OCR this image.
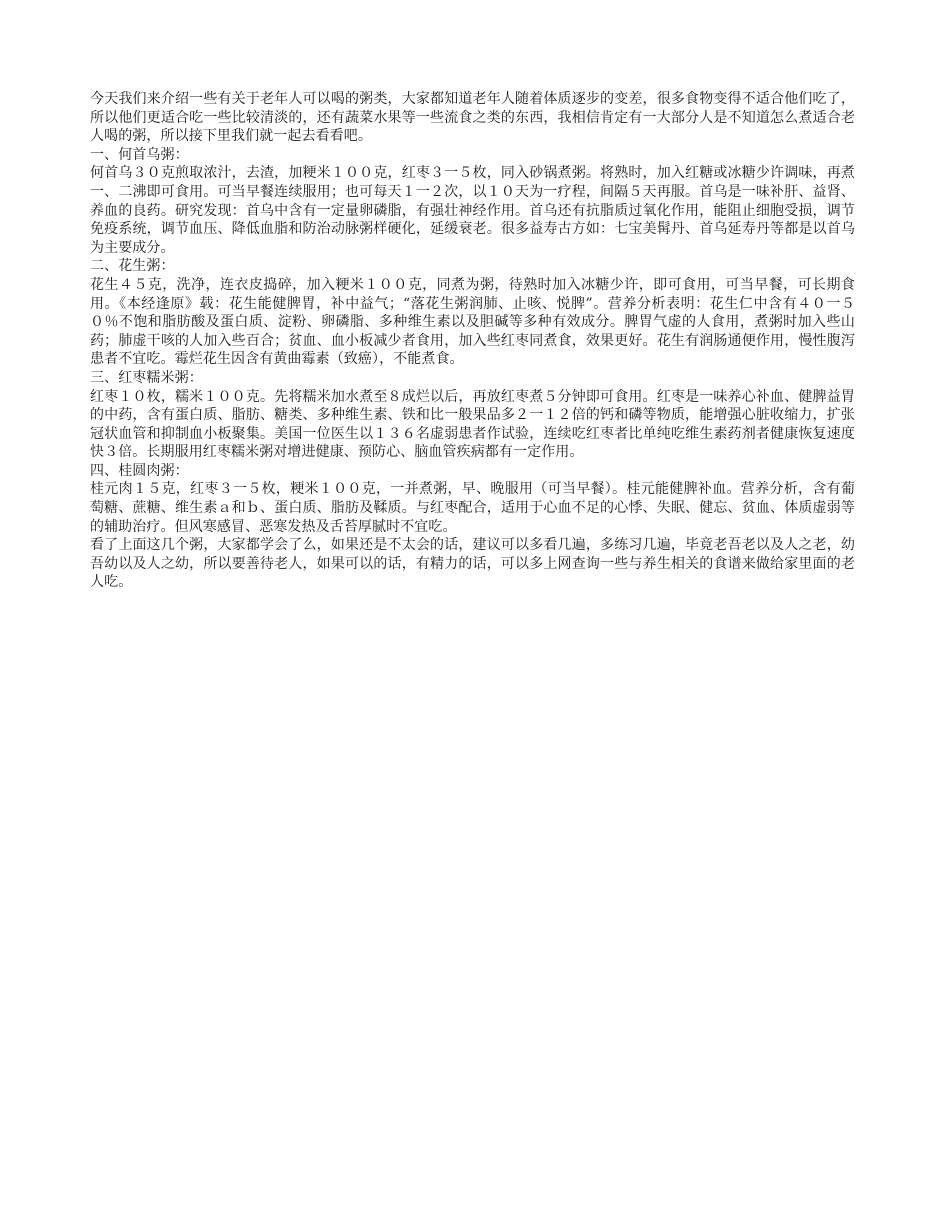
今天我们来介绍一些有关于老年人可以喝的粥类，大家都知道老年人随着体质逐步的变差，很多食物变得不适合他们吃了，所以他们更适合吃一些比较清淡的，还有蔬菜水果等一些流食之类的东西，我相信肯定有一大部分人是不知道怎么煮适合老人喝的粥，所以接下里我们就一起去看看吧。

一、何首乌粥：

何首乌３０克煎取浓汁，去渣，加粳米１００克，红枣３一５枚，同入砂锅煮粥。将熟时，加入红糖或冰糖少许调味，再煮一、二沸即可食用。可当早餐连续服用；也可每天１一２次，以１０天为一疗程，间隔５天再服。首乌是一味补肝、益肾、养血的良药。研究发现：首乌中含有一定量卵磷脂，有强壮神经作用。首乌还有抗脂质过氧化作用，能阻止细胞受损，调节免疫系统，调节血压、降低血脂和防治动脉粥样硬化，延缓衰老。很多益寿古方如：七宝美髯丹、首乌延寿丹等都是以首乌为主要成分。

二、花生粥：

花生４５克，洗净，连衣皮捣碎，加入粳米１００克，同煮为粥，待熟时加入冰糖少许，即可食用，可当早餐，可长期食用。《本经逢原》载：花生能健脾胃，补中益气；“落花生粥润肺、止咳、悦脾”。营养分析表明：花生仁中含有４０一５０％不饱和脂肪酸及蛋白质、淀粉、卵磷脂、多种维生素以及胆碱等多种有效成分。脾胃气虚的人食用，煮粥时加入些山药；肺虚干咳的人加入些百合；贫血、血小板减少者食用，加入些红枣同煮食，效果更好。花生有润肠通便作用，慢性腹泻患者不宜吃。霉烂花生因含有黄曲霉素（致癌），不能煮食。

三、红枣糯米粥：

红枣１０枚，糯米１００克。先将糯米加水煮至８成烂以后，再放红枣煮５分钟即可食用。红枣是一味养心补血、健脾益胃的中药，含有蛋白质、脂肪、糖类、多种维生素、铁和比一般果品多２一１２倍的钙和磷等物质，能增强心脏收缩力，扩张冠状血管和抑制血小板聚集。美国一位医生以１３６名虚弱患者作试验，连续吃红枣者比单纯吃维生素药剂者健康恢复速度快３倍。长期服用红枣糯米粥对增进健康、预防心、脑血管疾病都有一定作用。

四、桂圆肉粥：

桂元肉１５克，红枣３一５枚，粳米１００克，一并煮粥，早、晚服用（可当早餐）。桂元能健脾补血。营养分析，含有葡萄糖、蔗糖、维生素ａ和ｂ、蛋白质、脂肪及鞣质。与红枣配合，适用于心血不足的心悸、失眠、健忘、贫血、体质虚弱等的辅助治疗。但风寒感冒、恶寒发热及舌苔厚腻时不宜吃。

看了上面这几个粥，大家都学会了么，如果还是不太会的话，建议可以多看几遍，多练习几遍，毕竟老吾老以及人之老，幼吾幼以及人之幼，所以要善待老人，如果可以的话，有精力的话，可以多上网查询一些与养生相关的食谱来做给家里面的老人吃。
